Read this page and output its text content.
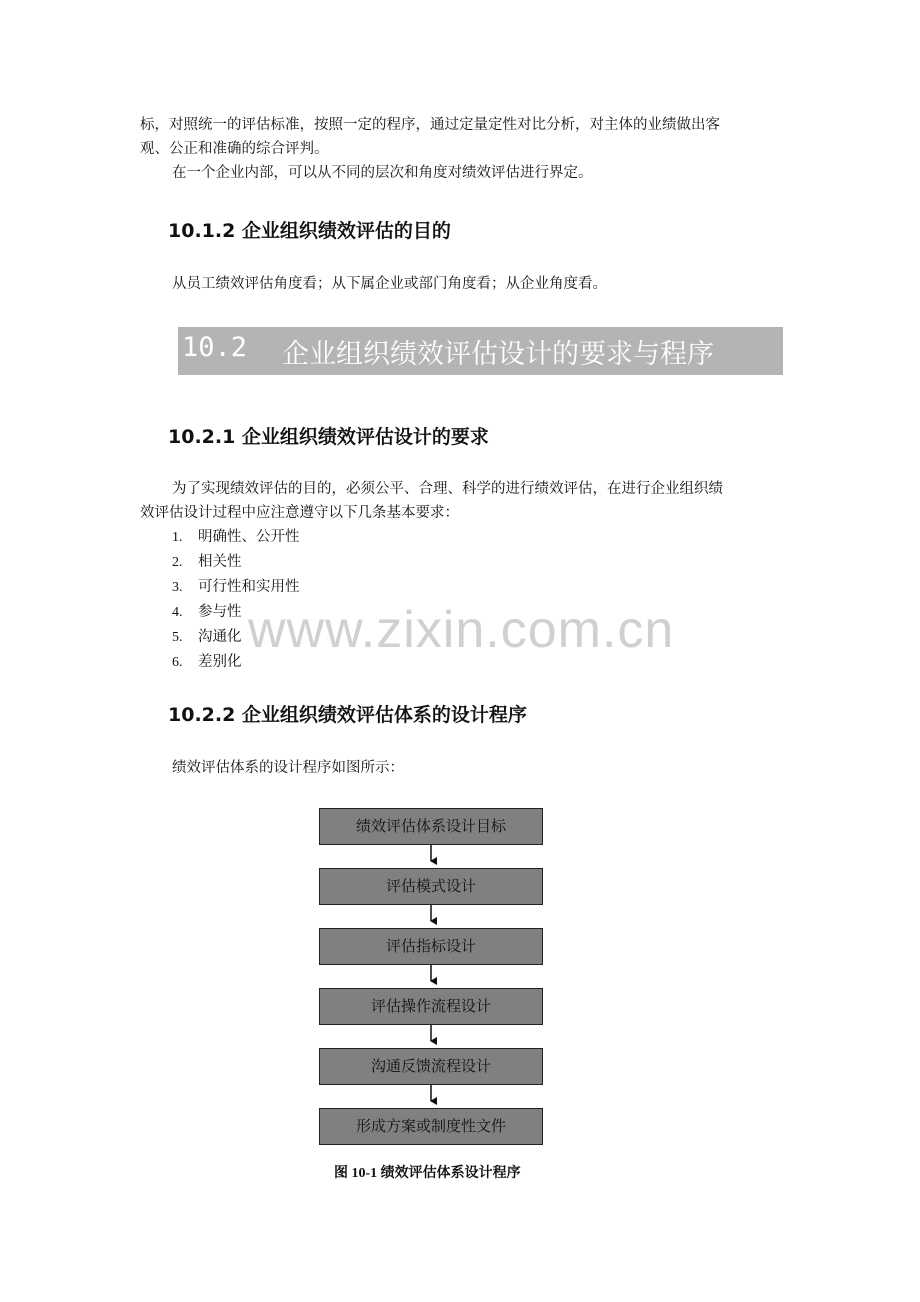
标，对照统一的评估标准，按照一定的程序，通过定量定性对比分析，对主体的业绩做出客
观、公正和准确的综合评判。
在一个企业内部，可以从不同的层次和角度对绩效评估进行界定。
10.1.2 企业组织绩效评估的目的
从员工绩效评估角度看；从下属企业或部门角度看；从企业角度看。
10.2 企业组织绩效评估设计的要求与程序
10.2.1 企业组织绩效评估设计的要求
为了实现绩效评估的目的，必须公平、合理、科学的进行绩效评估，在进行企业组织绩
效评估设计过程中应注意遵守以下几条基本要求：
1. 明确性、公开性
2. 相关性
3. 可行性和实用性
4. 参与性
5. 沟通化
6. 差别化
www.zixin.com.cn
10.2.2 企业组织绩效评估体系的设计程序
绩效评估体系的设计程序如图所示：
绩效评估体系设计目标
评估模式设计
评估指标设计
评估操作流程设计
沟通反馈流程设计
形成方案或制度性文件
图 10-1 绩效评估体系设计程序
